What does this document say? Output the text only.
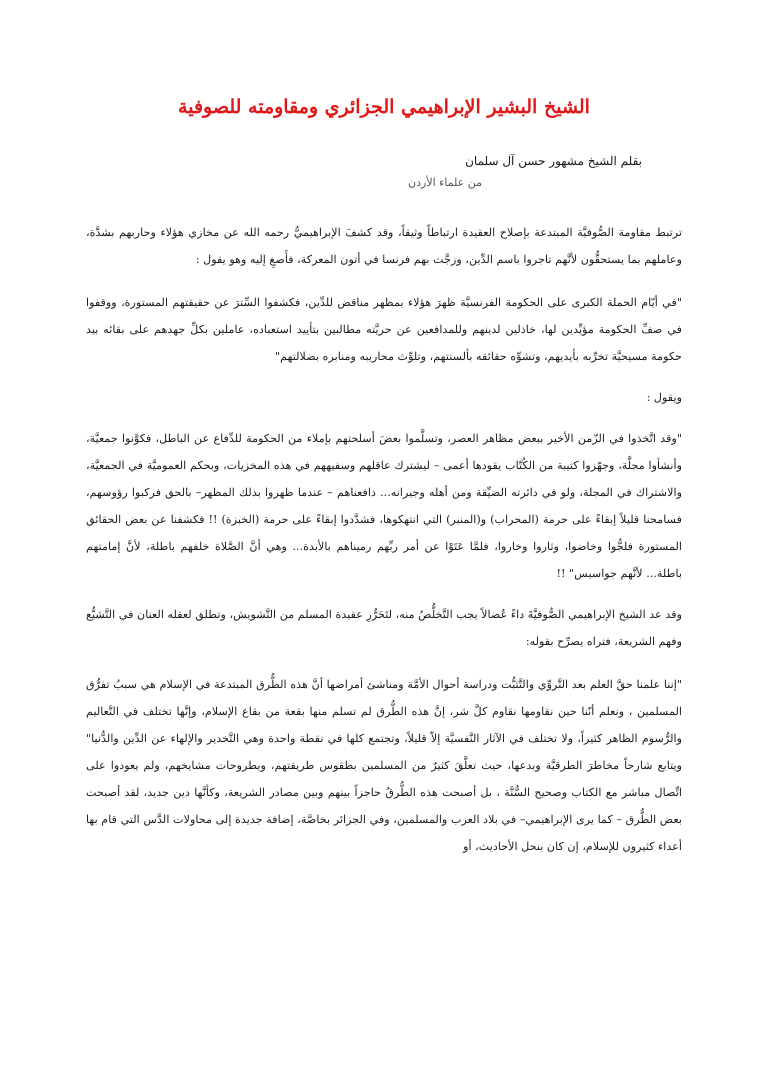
الشيخ البشير الإبراهيمي الجزائري ومقاومته للصوفية
بقلم الشيخ مشهور حسن آل سلمان
من علماء الأردن

ترتبط مقاومة الصُّوفيَّة المبتدعة بإصلاح العقيدة ارتباطاً وثيقاً، وقد كشفَ الإبراهيميُّ رحمه الله عن مخازي هؤلاء وحاربهم بشدَّة، وعاملهم بما يستحقُّون لأنَّهم تاجروا باسم الدِّين، وزجَّت بهم فرنسا في أتون المعركة، فأَصغِ إليه وهو يقول :

"في أيّام الحملة الكبرى على الحكومة الفرنسيَّة ظهرَ هؤلاء بمظهر مناقض للدِّين، فكشفوا السِّترَ عن حقيقتهم المستورة، ووقفوا في صفِّ الحكومة مؤيِّدين لها، خاذلين لدينهم وللمدافعين عن حريَّته مطالبين بتأييد استعباده، عاملين بكلِّ جهدهم على بقائه بيد حكومة مسيحيَّة تخرِّبه بأيديهم، وتشوِّه حقائقه بألسنتهم، وتلوِّث محاريبه ومنابره بضلالتهم"

ويقول :

"وقد اتَّخذوا في الزّمن الأخير ببعض مظاهر العصر، وتسلَّموا بعضَ أسلحتهم بإملاء من الحكومة للدِّفاع عن الباطل، فكوَّنوا جمعيَّة، وأنشأوا مجلَّة، وجهّزوا كتيبة من الكُتّاب يقودها أعمى – ليشترك عاقلهم وسفيههم في هذه المخزيات، وبحكم العموميَّة في الجمعيَّة، والاشتراك في المجلة، ولو في دائرته الضيِّقة ومن أهله وجيرانه... دافعناهم – عندما ظهروا بذلك المظهر– بالحق فركبوا رؤوسهم، فسامحنا قليلاً إبقاءً على حرمة (المحراب) و(المنبر) التي انتهكوها، فشدَّدوا إبقاءً على حرمة (الخبزة) !! فكشفنا عن بعض الحقائق المستورة فلجُّوا وخاضوا، وثاروا وخاروا، فلمَّا عَتَوْا عن أمر ربِّهم رميناهم بالأبدة... وهي أنَّ الصَّلاة خلفهم باطلة، لأنَّ إمامتهم باطلة... لأنَّهم جواسيس" !!

وقد عد الشيخ الإبراهيمي الصُّوفيَّةَ داءً عُضالاً يجب التَّخلُّصُ منه، لتَحَرُّرِ عقيدة المسلم من التَّشويش، وتطلق لعقله العنان في التَّشيُّع وفهم الشريعة، فتراه يصرِّح بقوله:

"إننا علمنا حقَّ العلم بعد التَّروِّي والتَّثبُّت ودراسة أحوال الأمَّة ومناشئ أمراضها أنَّ هذه الطُّرق المبتدعة في الإسلام هي سببُ تفرُّق المسلمين ، ونعلم أنّنا حين نقاومها نقاوم كلَّ شر، إنَّ هذه الطُّرق لم تسلم منها بقعة من بقاع الإسلام، وإنَّها تختلف في التَّعاليم والرُّسوم الظاهر كثيراً، ولا تختلف في الآثار النَّفسيَّة إلاّ قليلاً، وتجتمع كلها في نقطة واحدة وهي التَّخدير والإلهاء عن الدِّين والدُّنيا" ويتابع شارحاً مخاطرَ الطرقيَّة وبدعها، حيث تعلَّقَ كثيرٌ من المسلمين بطقوس طريقتهم، وبطروحات مشايخهم، ولم يعودوا على اتِّصال مباشر مع الكتاب وصحيح السُّنَّة ، بل أصبحت هذه الطُّرقُ حاجزاً بينهم وبين مصادر الشريعة، وكأنَّها دين جديد، لقد أصبحت بعض الطُّرق – كما يرى الإبراهيمي– في بلاد العرب والمسلمين، وفي الجزائر بخاصَّة، إضافة جديدة إلى محاولات الدَّس التي قام بها أعداء كثيرون للإسلام، إن كان بنحل الأحاديث، أو
